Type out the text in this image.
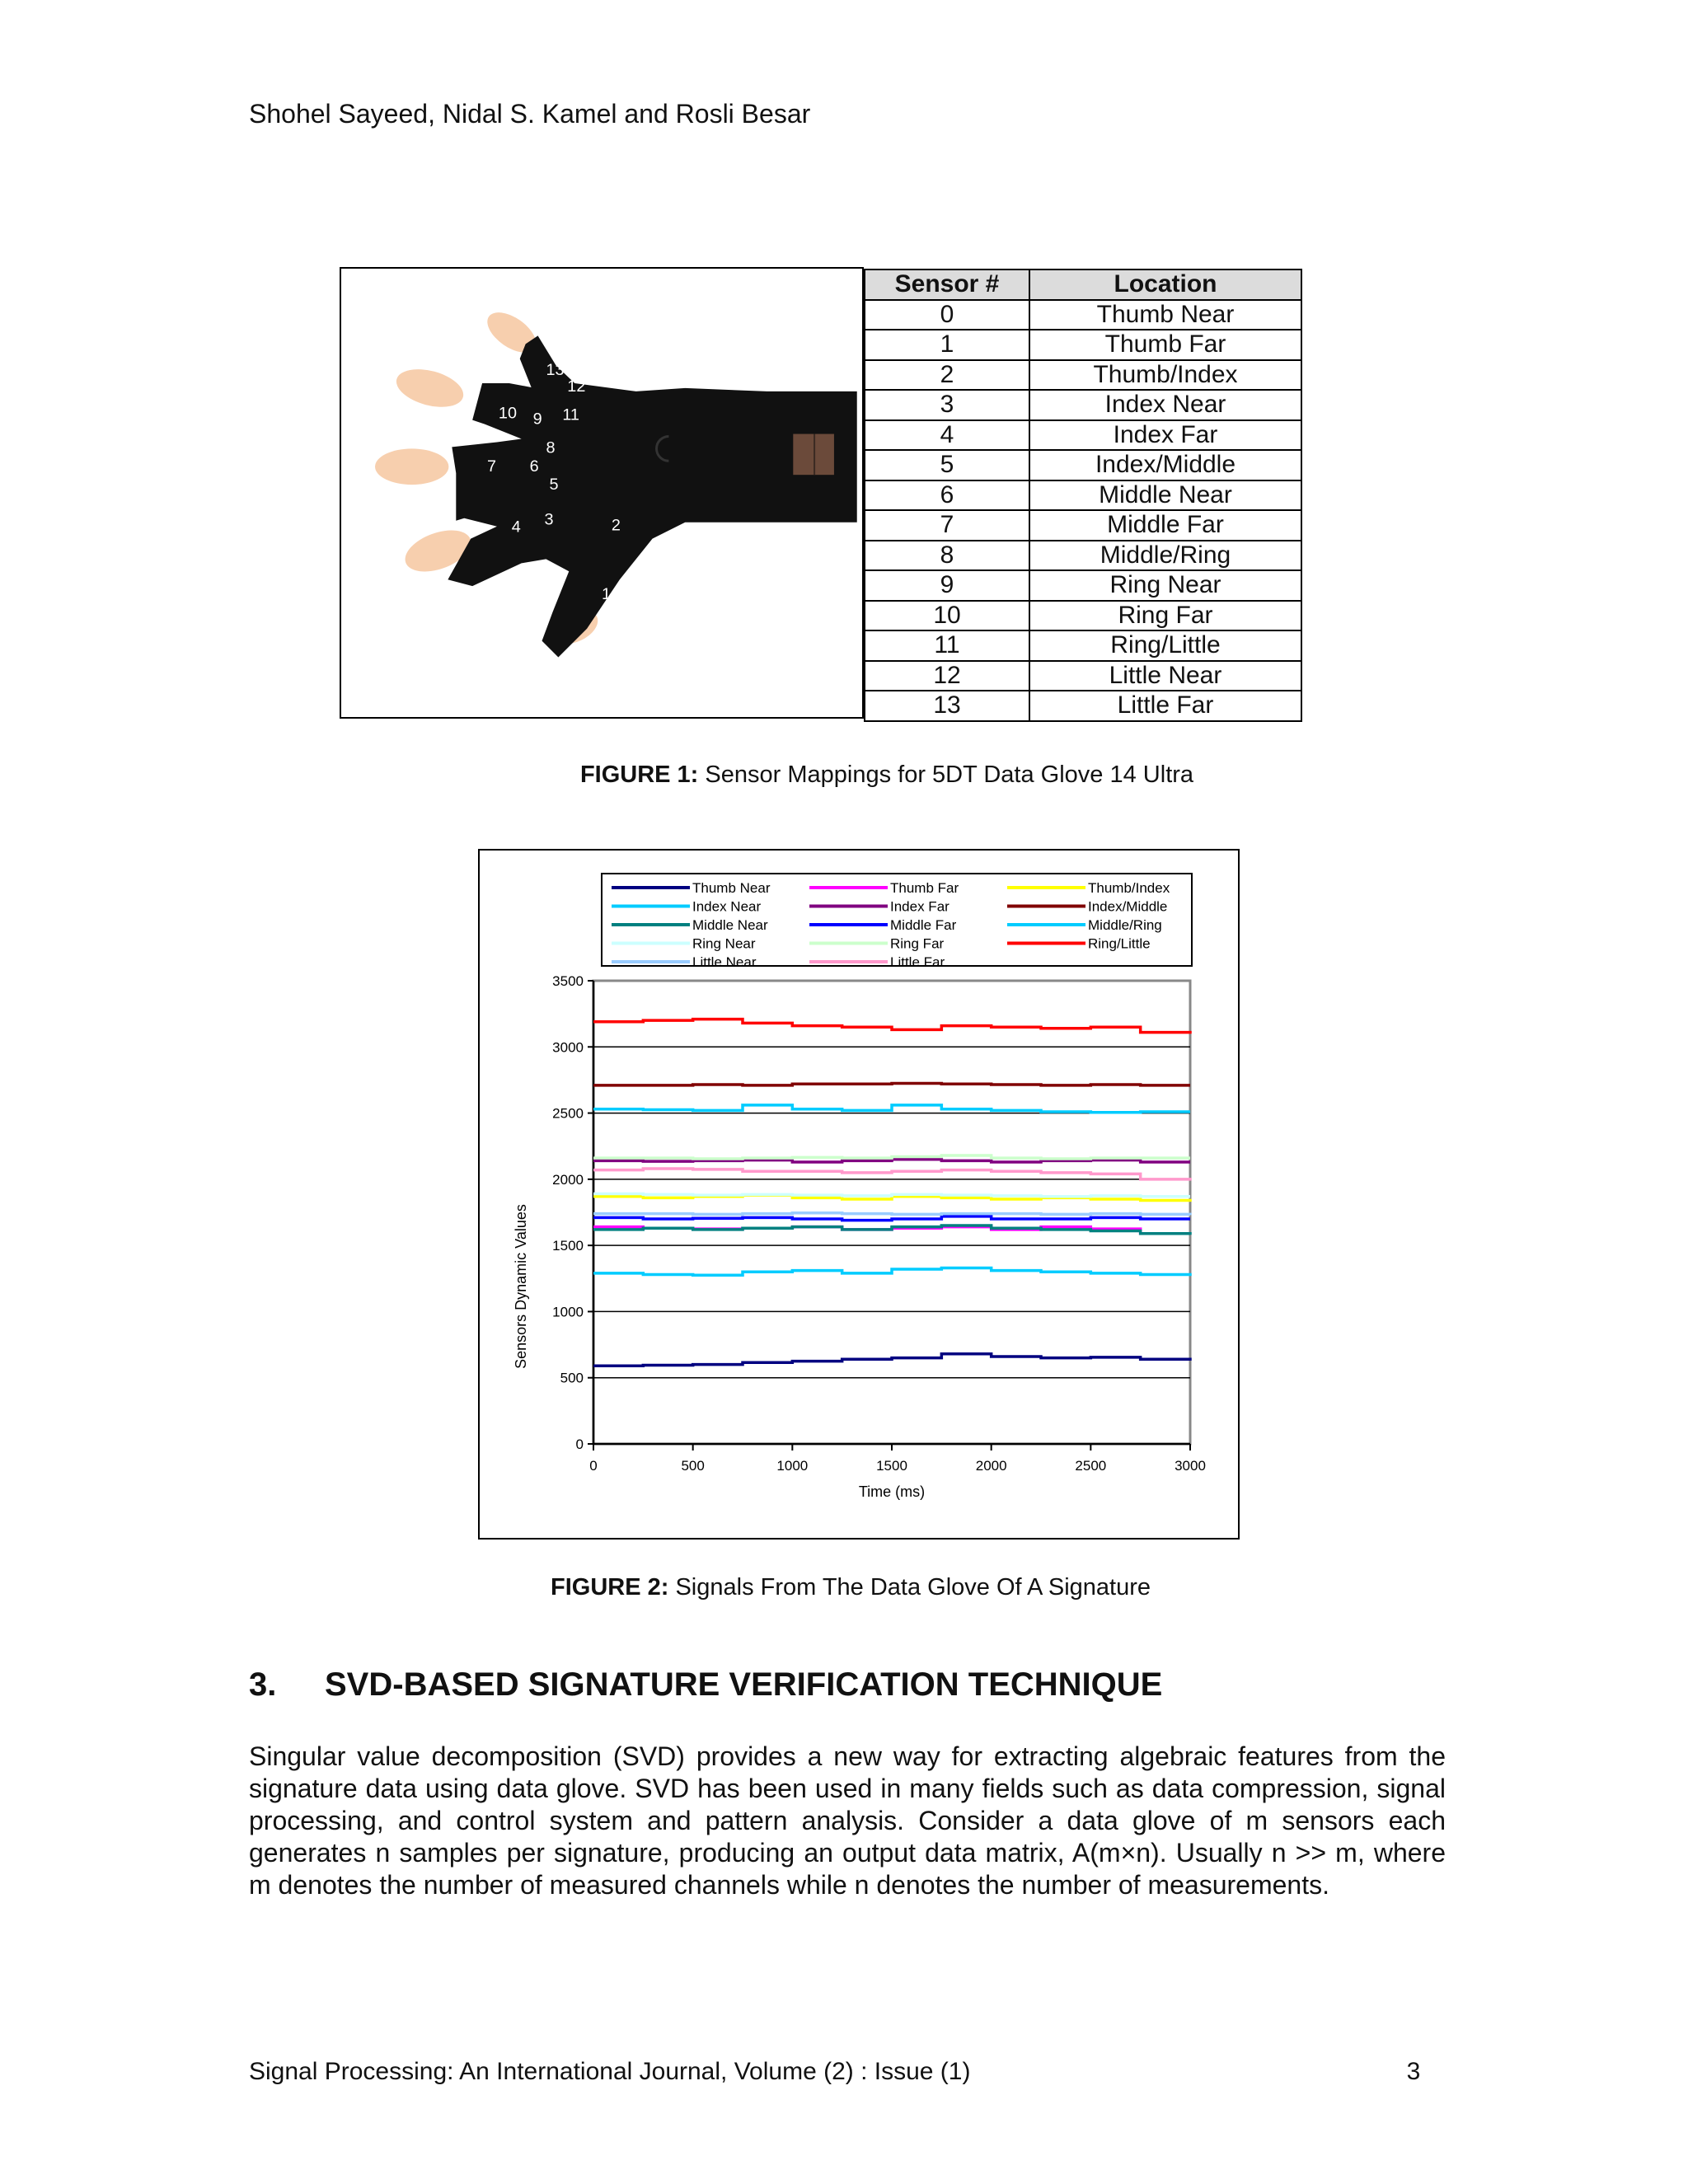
Shohel Sayeed, Nidal S. Kamel and Rosli Besar
0
1
2
3
4
5
6
7
8
9
10	11
12
13
Sensor #	Location
0	Thumb Near
1	Thumb Far
2	Thumb/Index
3	Index Near
4	Index Far
5	Index/Middle
6	Middle Near
7	Middle Far
8	Middle/Ring
9	Ring Near
10	Ring Far
11	Ring/Little
12	Little Near
13	Little Far
FIGURE 1: Sensor Mappings for 5DT Data Glove 14 Ultra
Thumb Near	Thumb Far	Thumb/Index
Index Near	Index Far	Index/Middle
Middle Near	Middle Far	Middle/Ring
Ring Near	Ring Far	Ring/Little
Little Near	Little Far
0
500
1000
1500
2000
2500
3000
3500
0	500	1000	1500	2000	2500	3000
Time (ms)
Sensors Dynamic Values
FIGURE 2: Signals From The Data Glove Of A Signature
3. SVD-BASED SIGNATURE VERIFICATION TECHNIQUE
Singular value decomposition (SVD) provides a new way for extracting algebraic features from the signature data using data glove. SVD has been used in many fields such as data compression, signal processing, and control system and pattern analysis. Consider a data glove of m sensors each generates n samples per signature, producing an output data matrix, A(m×n). Usually n >> m, where m denotes the number of measured channels while n denotes the number of measurements.
Signal Processing: An International Journal, Volume (2) : Issue (1)	3
